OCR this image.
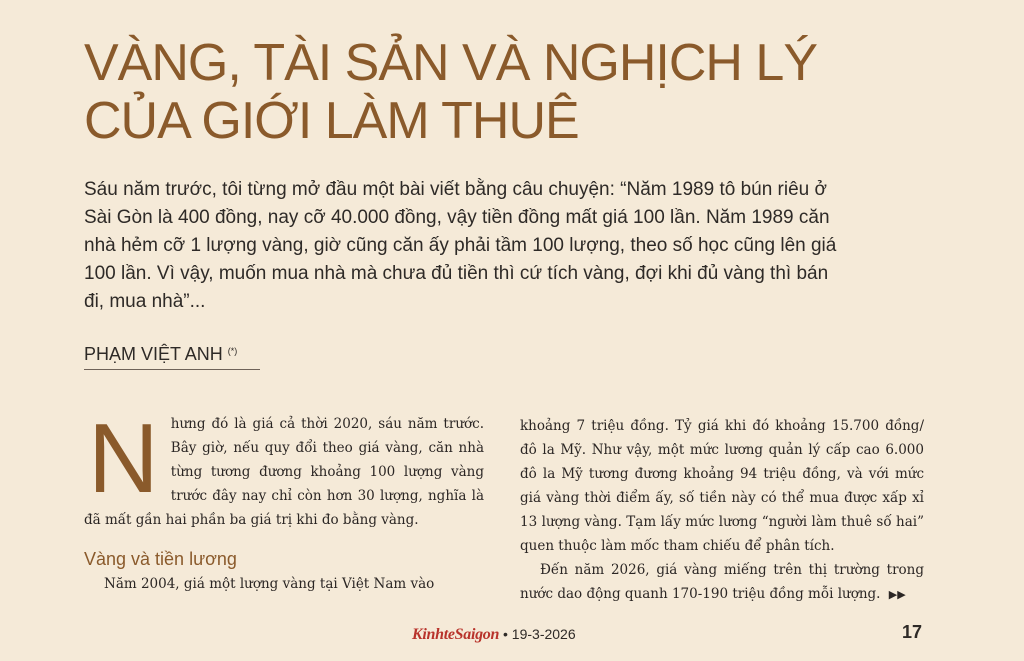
VÀNG, TÀI SẢN VÀ NGHỊCH LÝ
CỦA GIỚI LÀM THUÊ

Sáu năm trước, tôi từng mở đầu một bài viết bằng câu chuyện: “Năm 1989 tô bún riêu ở Sài Gòn là 400 đồng, nay cỡ 40.000 đồng, vậy tiền đồng mất giá 100 lần. Năm 1989 căn nhà hẻm cỡ 1 lượng vàng, giờ cũng căn ấy phải tầm 100 lượng, theo số học cũng lên giá 100 lần. Vì vậy, muốn mua nhà mà chưa đủ tiền thì cứ tích vàng, đợi khi đủ vàng thì bán đi, mua nhà”...

PHẠM VIỆT ANH (*)
N hưng đó là giá cả thời 2020, sáu năm trước. Bây giờ, nếu quy đổi theo giá vàng, căn nhà từng tương đương khoảng 100 lượng vàng trước đây nay chỉ còn hơn 30 lượng, nghĩa là đã mất gần hai phần ba giá trị khi đo bằng vàng.

Vàng và tiền lương

Năm 2004, giá một lượng vàng tại Việt Nam vào

khoảng 7 triệu đồng. Tỷ giá khi đó khoảng 15.700 đồng/ đô la Mỹ. Như vậy, một mức lương quản lý cấp cao 6.000 đô la Mỹ tương đương khoảng 94 triệu đồng, và với mức giá vàng thời điểm ấy, số tiền này có thể mua được xấp xỉ 13 lượng vàng. Tạm lấy mức lương “người làm thuê số hai” quen thuộc làm mốc tham chiếu để phân tích.

Đến năm 2026, giá vàng miếng trên thị trường trong nước dao động quanh 170-190 triệu đồng mỗi lượng. ▶▶

KinhteSaigon • 19-3-2026	17
